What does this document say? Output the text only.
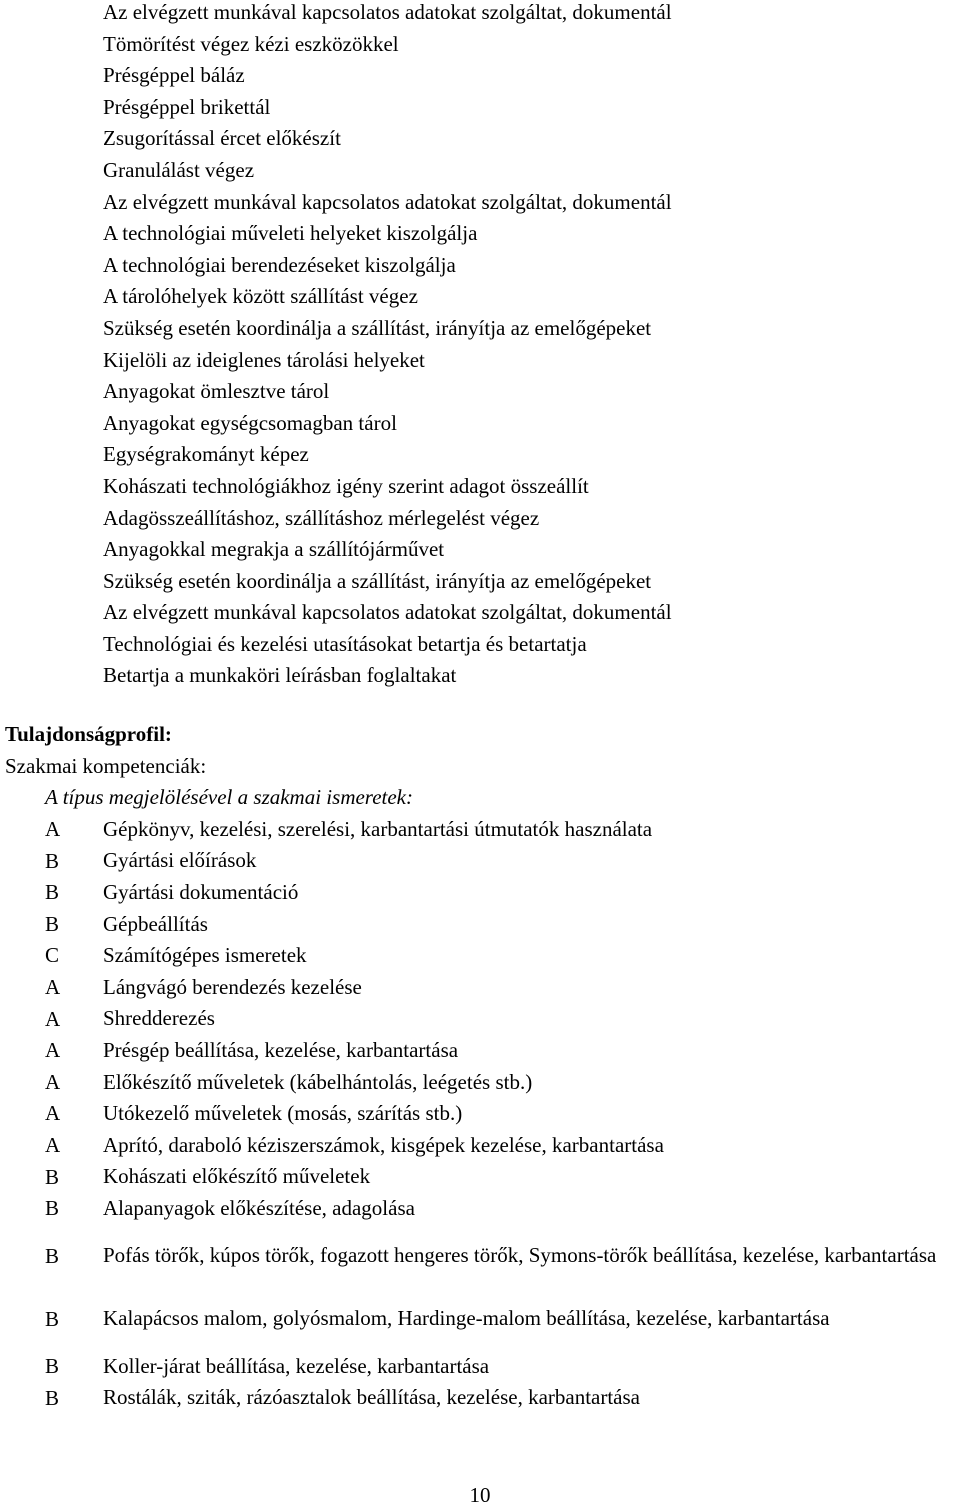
Az elvégzett munkával kapcsolatos adatokat szolgáltat, dokumentál
Tömörítést végez kézi eszközökkel
Présgéppel báláz
Présgéppel brikettál
Zsugorítással ércet előkészít
Granulálást végez
Az elvégzett munkával kapcsolatos adatokat szolgáltat, dokumentál
A technológiai műveleti helyeket kiszolgálja
A technológiai berendezéseket kiszolgálja
A tárolóhelyek között szállítást végez
Szükség esetén koordinálja a szállítást, irányítja az emelőgépeket
Kijelöli az ideiglenes tárolási helyeket
Anyagokat ömlesztve tárol
Anyagokat egységcsomagban tárol
Egységrakományt képez
Kohászati technológiákhoz igény szerint adagot összeállít
Adagösszeállításhoz, szállításhoz mérlegelést végez
Anyagokkal megrakja a szállítójárművet
Szükség esetén koordinálja a szállítást, irányítja az emelőgépeket
Az elvégzett munkával kapcsolatos adatokat szolgáltat, dokumentál
Technológiai és kezelési utasításokat betartja és betartatja
Betartja a munkaköri leírásban foglaltakat
Tulajdonságprofil:
Szakmai kompetenciák:
A típus megjelölésével a szakmai ismeretek:
A	Gépkönyv, kezelési, szerelési, karbantartási útmutatók használata
B	Gyártási előírások
B	Gyártási dokumentáció
B	Gépbeállítás
C	Számítógépes ismeretek
A	Lángvágó berendezés kezelése
A	Shredderezés
A	Présgép beállítása, kezelése, karbantartása
A	Előkészítő műveletek (kábelhántolás, leégetés stb.)
A	Utókezelő műveletek (mosás, szárítás stb.)
A	Aprító, daraboló kéziszerszámok, kisgépek kezelése, karbantartása
B	Kohászati előkészítő műveletek
B	Alapanyagok előkészítése, adagolása
B	Pofás törők, kúpos törők, fogazott hengeres törők, Symons-törők beállítása, kezelése, karbantartása
B	Kalapácsos malom, golyósmalom, Hardinge-malom beállítása, kezelése, karbantartása
B	Koller-járat beállítása, kezelése, karbantartása
B	Rostálák, sziták, rázóasztalok beállítása, kezelése, karbantartása
10
